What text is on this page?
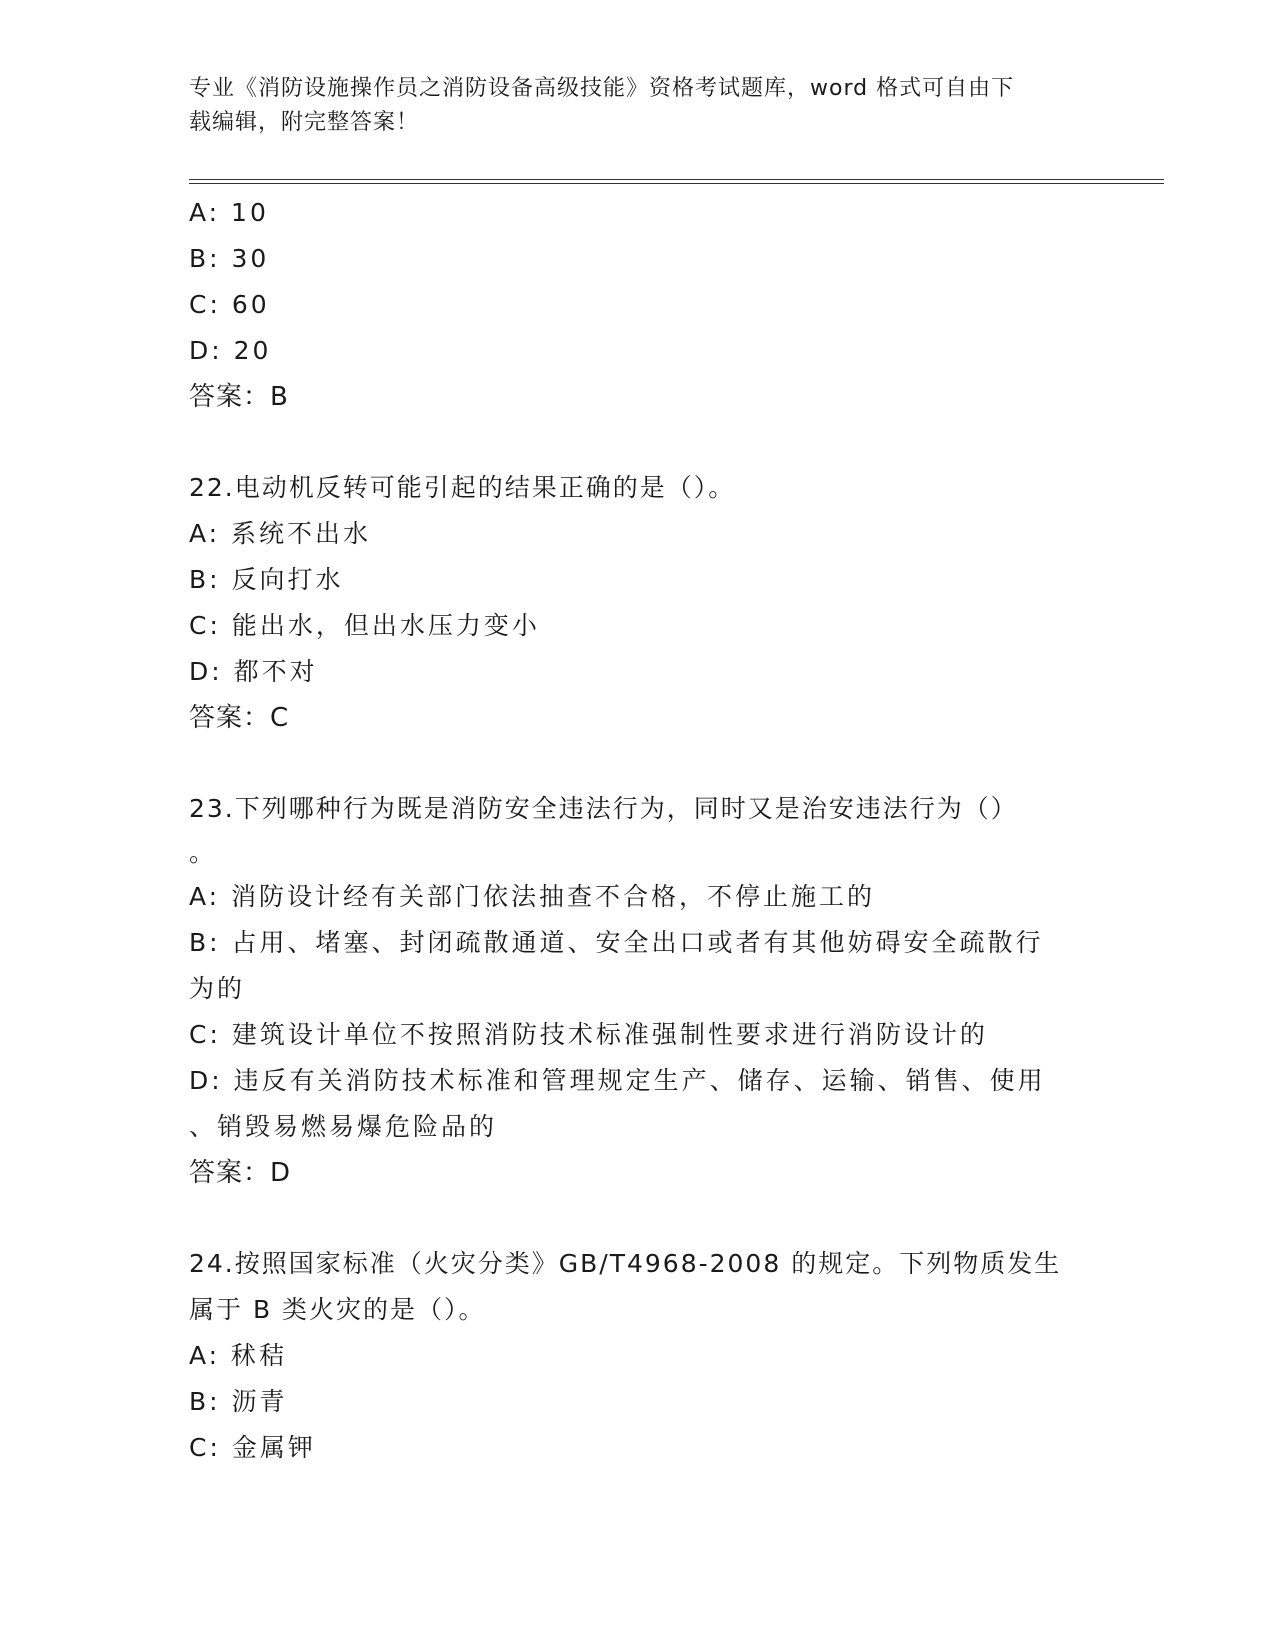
专业《消防设施操作员之消防设备高级技能》资格考试题库，word 格式可自由下
载编辑，附完整答案！
A: 10
B: 30
C: 60
D: 20
答案：B
22.电动机反转可能引起的结果正确的是（）。
A: 系统不出水
B: 反向打水
C: 能出水，但出水压力变小
D: 都不对
答案：C
23.下列哪种行为既是消防安全违法行为，同时又是治安违法行为（）
。
A: 消防设计经有关部门依法抽查不合格，不停止施工的
B: 占用、堵塞、封闭疏散通道、安全出口或者有其他妨碍安全疏散行
为的
C: 建筑设计单位不按照消防技术标准强制性要求进行消防设计的
D: 违反有关消防技术标准和管理规定生产、储存、运输、销售、使用
、销毁易燃易爆危险品的
答案：D
24.按照国家标准（火灾分类》GB/T4968-2008 的规定。下列物质发生
属于 B 类火灾的是（）。
A: 秫秸
B: 沥青
C: 金属钾
